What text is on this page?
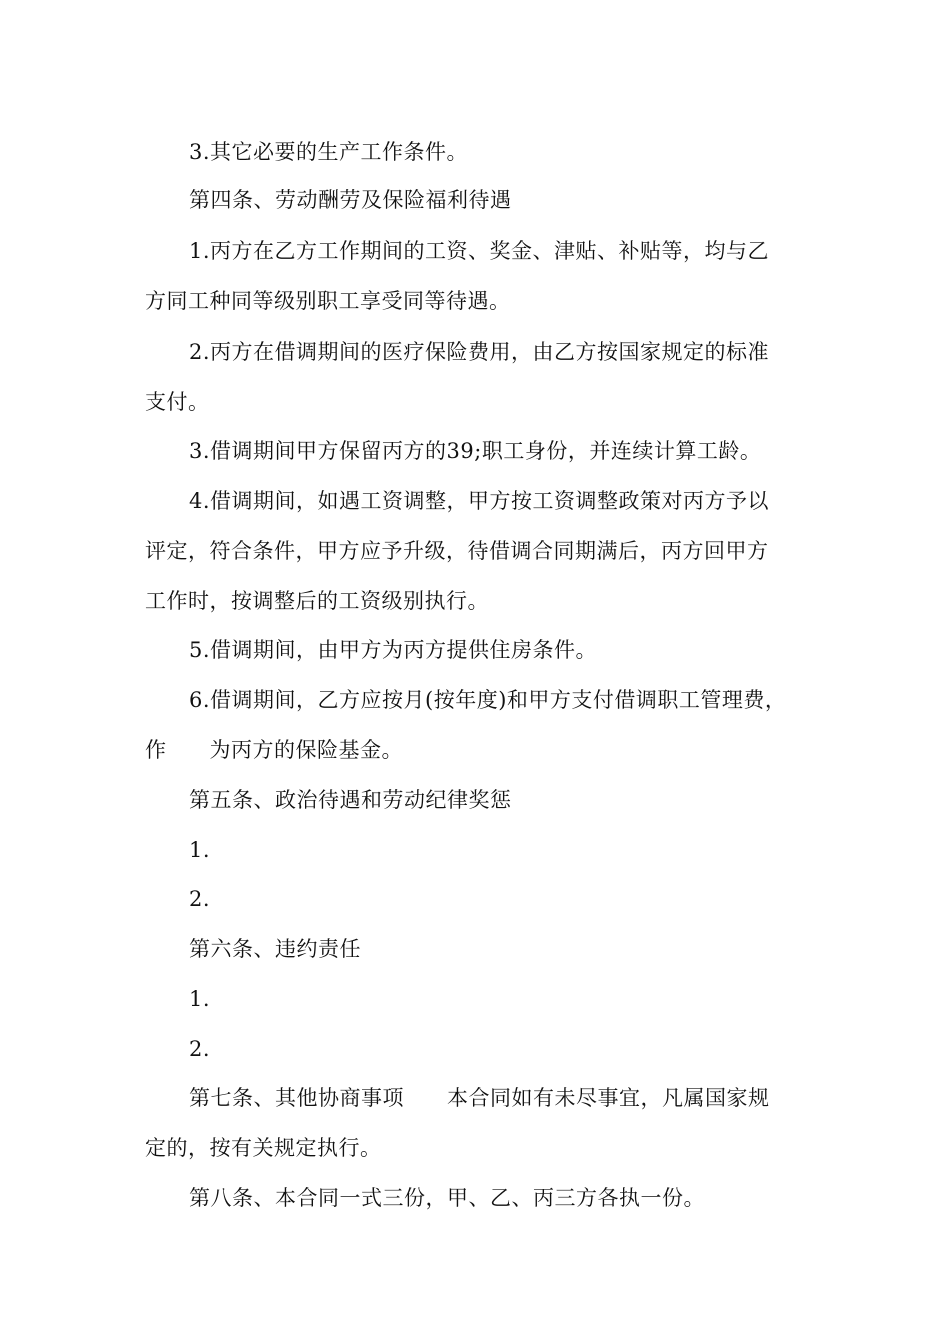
3.其它必要的生产工作条件。
第四条、劳动酬劳及保险福利待遇
1.丙方在乙方工作期间的工资、奖金、津贴、补贴等，均与乙
方同工种同等级别职工享受同等待遇。
2.丙方在借调期间的医疗保险费用，由乙方按国家规定的标准
支付。
3.借调期间甲方保留丙方的39;职工身份，并连续计算工龄。
4.借调期间，如遇工资调整，甲方按工资调整政策对丙方予以
评定，符合条件，甲方应予升级，待借调合同期满后，丙方回甲方
工作时，按调整后的工资级别执行。
5.借调期间，由甲方为丙方提供住房条件。
6.借调期间，乙方应按月(按年度)和甲方支付借调职工管理费，
作　　为丙方的保险基金。
第五条、政治待遇和劳动纪律奖惩
1.
2.
第六条、违约责任
1.
2.
第七条、其他协商事项　　本合同如有未尽事宜，凡属国家规
定的，按有关规定执行。
第八条、本合同一式三份，甲、乙、丙三方各执一份。
